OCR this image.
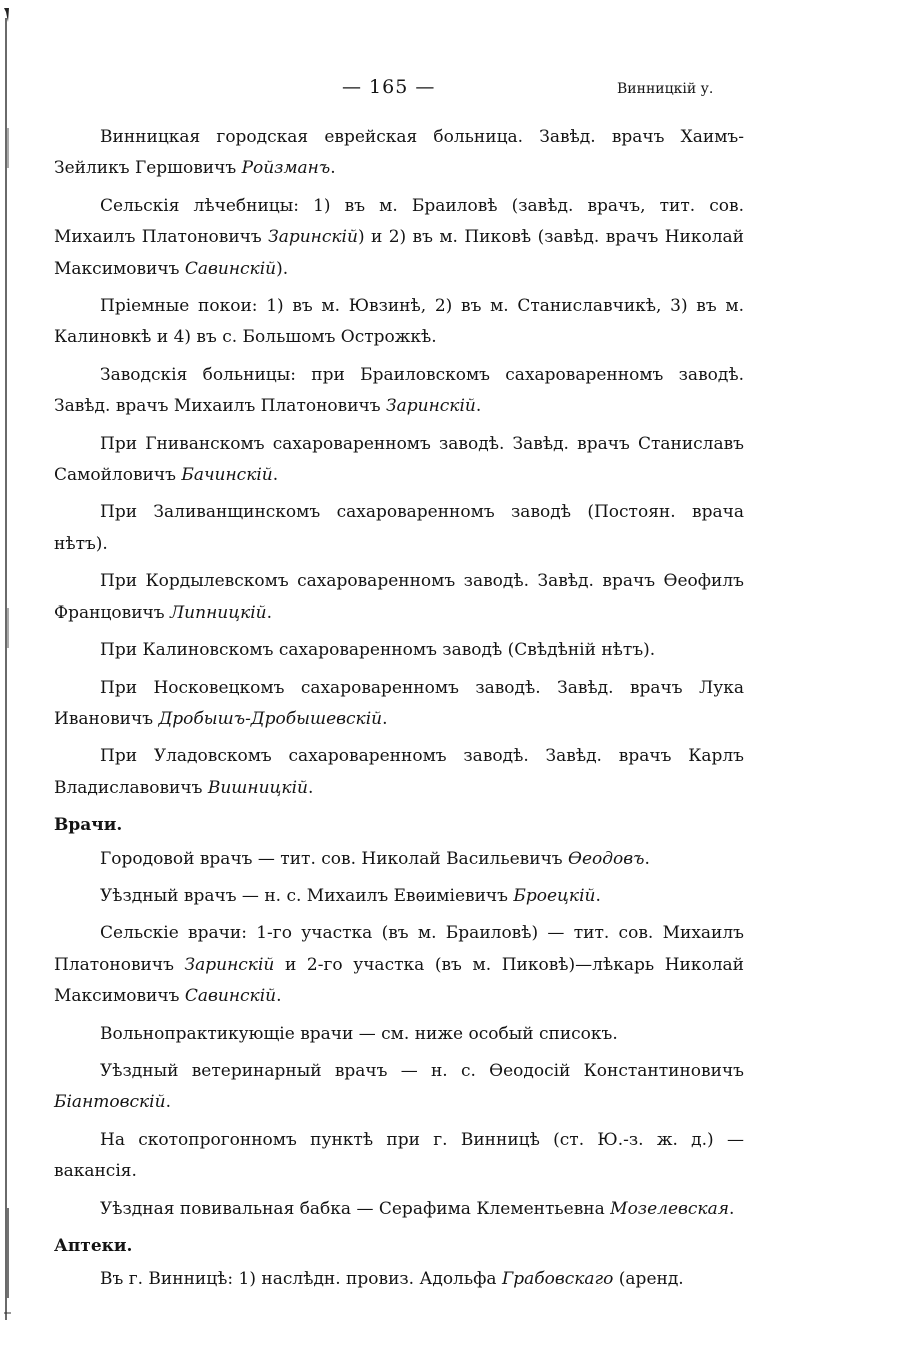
— 165 —	Винницкій у.

Винницкая городская еврейская больница. Завѣд. врачъ Хаимъ-Зейликъ Гершовичъ Ройзманъ.

Сельскія лѣчебницы: 1) въ м. Браиловѣ (завѣд. врачъ, тит. сов. Михаилъ Платоновичъ Заринскій) и 2) въ м. Пиковѣ (завѣд. врачъ Николай Максимовичъ Савинскій).

Пріемные покои: 1) въ м. Ювзинѣ, 2) въ м. Станиславчикѣ, 3) въ м. Калиновкѣ и 4) въ с. Большомъ Острожкѣ.

Заводскія больницы: при Браиловскомъ сахароваренномъ заводѣ. Завѣд. врачъ Михаилъ Платоновичъ Заринскій.

При Гниванскомъ сахароваренномъ заводѣ. Завѣд. врачъ Станиславъ Самойловичъ Бачинскій.

При Заливанщинскомъ сахароваренномъ заводѣ (Постоян. врача нѣтъ).

При Кордылевскомъ сахароваренномъ заводѣ. Завѣд. врачъ Ѳеофилъ Францовичъ Липницкій.

При Калиновскомъ сахароваренномъ заводѣ (Свѣдѣній нѣтъ).

При Носковецкомъ сахароваренномъ заводѣ. Завѣд. врачъ Лука Ивановичъ Дробышъ-Дробышевскій.

При Уладовскомъ сахароваренномъ заводѣ. Завѣд. врачъ Карлъ Владиславовичъ Вишницкій.

Врачи.

Городовой врачъ — тит. сов. Николай Васильевичъ Ѳеодовъ.

Уѣздный врачъ — н. с. Михаилъ Евѳиміевичъ Броецкій.

Сельскіе врачи: 1-го участка (въ м. Браиловѣ) — тит. сов. Михаилъ Платоновичъ Заринскій и 2-го участка (въ м. Пиковѣ)—лѣкарь Николай Максимовичъ Савинскій.

Вольнопрактикующіе врачи — см. ниже особый списокъ.

Уѣздный ветеринарный врачъ — н. с. Ѳеодосій Константиновичъ Біантовскій.

На скотопрогонномъ пунктѣ при г. Винницѣ (ст. Ю.-з. ж. д.) — вакансія.

Уѣздная повивальная бабка — Серафима Клементьевна Мозелевская.

Аптеки.

Въ г. Винницѣ: 1) наслѣдн. провиз. Адольфа Грабовскаго (аренд.
